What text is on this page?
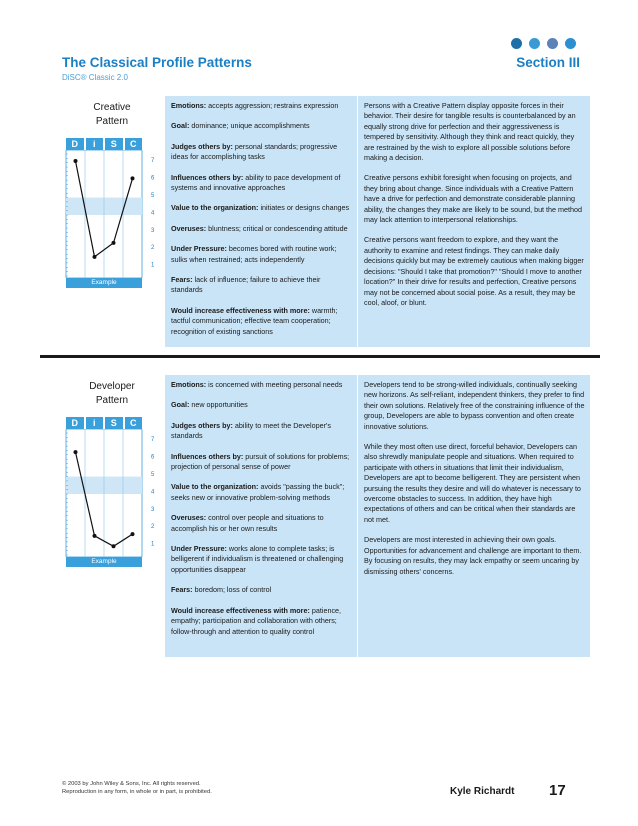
The Classical Profile Patterns
DiSC® Classic 2.0
Section III
Creative
Pattern
D	i	S	C
7
6
5
4
3
2
1
Example

Emotions: accepts aggression; restrains expression

Goal: dominance; unique accomplishments

Judges others by: personal standards; progressive ideas for accomplishing tasks

Influences others by: ability to pace development of systems and innovative approaches

Value to the organization: initiates or designs changes

Overuses: bluntness; critical or condescending attitude

Under Pressure: becomes bored with routine work; sulks when restrained; acts independently

Fears: lack of influence; failure to achieve their standards

Would increase effectiveness with more: warmth; tactful communication; effective team cooperation; recognition of existing sanctions

Persons with a Creative Pattern display opposite forces in their behavior. Their desire for tangible results is counterbalanced by an equally strong drive for perfection and their aggressiveness is tempered by sensitivity. Although they think and react quickly, they are restrained by the wish to explore all possible solutions before making a decision.

Creative persons exhibit foresight when focusing on projects, and they bring about change. Since individuals with a Creative Pattern have a drive for perfection and demonstrate considerable planning ability, the changes they make are likely to be sound, but the method may lack attention to interpersonal relationships.

Creative persons want freedom to explore, and they want the authority to examine and retest findings. They can make daily decisions quickly but may be extremely cautious when making bigger decisions: "Should I take that promotion?" "Should I move to another location?" In their drive for results and perfection, Creative persons may not be concerned about social poise. As a result, they may be cool, aloof, or blunt.

Developer
Pattern
D	i	S	C
7
6
5
4
3
2
1
Example

Emotions: is concerned with meeting personal needs

Goal: new opportunities

Judges others by: ability to meet the Developer's standards

Influences others by: pursuit of solutions for problems; projection of personal sense of power

Value to the organization: avoids "passing the buck"; seeks new or innovative problem-solving methods

Overuses: control over people and situations to accomplish his or her own results

Under Pressure: works alone to complete tasks; is belligerent if individualism is threatened or challenging opportunities disappear

Fears: boredom; loss of control

Would increase effectiveness with more: patience, empathy; participation and collaboration with others; follow-through and attention to quality control

Developers tend to be strong-willed individuals, continually seeking new horizons. As self-reliant, independent thinkers, they prefer to find their own solutions. Relatively free of the constraining influence of the group, Developers are able to bypass convention and often create innovative solutions.

While they most often use direct, forceful behavior, Developers can also shrewdly manipulate people and situations. When required to participate with others in situations that limit their individualism, Developers are apt to become belligerent. They are persistent when pursuing the results they desire and will do whatever is necessary to overcome obstacles to success. In addition, they have high expectations of others and can be critical when their standards are not met.

Developers are most interested in achieving their own goals. Opportunities for advancement and challenge are important to them. By focusing on results, they may lack empathy or seem uncaring by dismissing others' concerns.

© 2003 by John Wiley & Sons, Inc. All rights reserved.
Reproduction in any form, in whole or in part, is prohibited.	Kyle Richardt 17
